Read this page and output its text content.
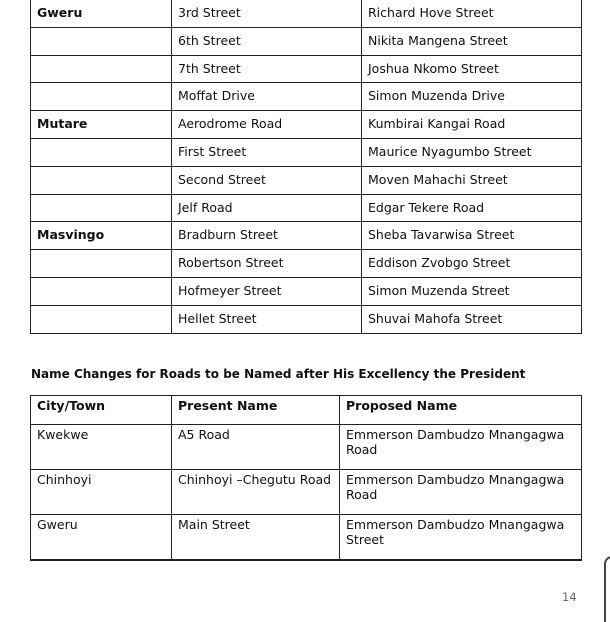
Gweru	3rd Street	Richard Hove Street
	6th Street	Nikita Mangena Street
	7th Street	Joshua Nkomo Street
	Moffat Drive	Simon Muzenda Drive
Mutare	Aerodrome Road	Kumbirai Kangai Road
	First Street	Maurice Nyagumbo Street
	Second Street	Moven Mahachi Street
	Jelf Road	Edgar Tekere Road
Masvingo	Bradburn Street	Sheba Tavarwisa Street
	Robertson Street	Eddison Zvobgo Street
	Hofmeyer Street	Simon Muzenda Street
	Hellet Street	Shuvai Mahofa Street

Name Changes for Roads to be Named after His Excellency the President

City/Town	Present Name	Proposed Name
Kwekwe	A5 Road	Emmerson Dambudzo Mnangagwa Road
Chinhoyi	Chinhoyi –Chegutu Road	Emmerson Dambudzo Mnangagwa Road
Gweru	Main Street	Emmerson Dambudzo Mnangagwa Street
14
